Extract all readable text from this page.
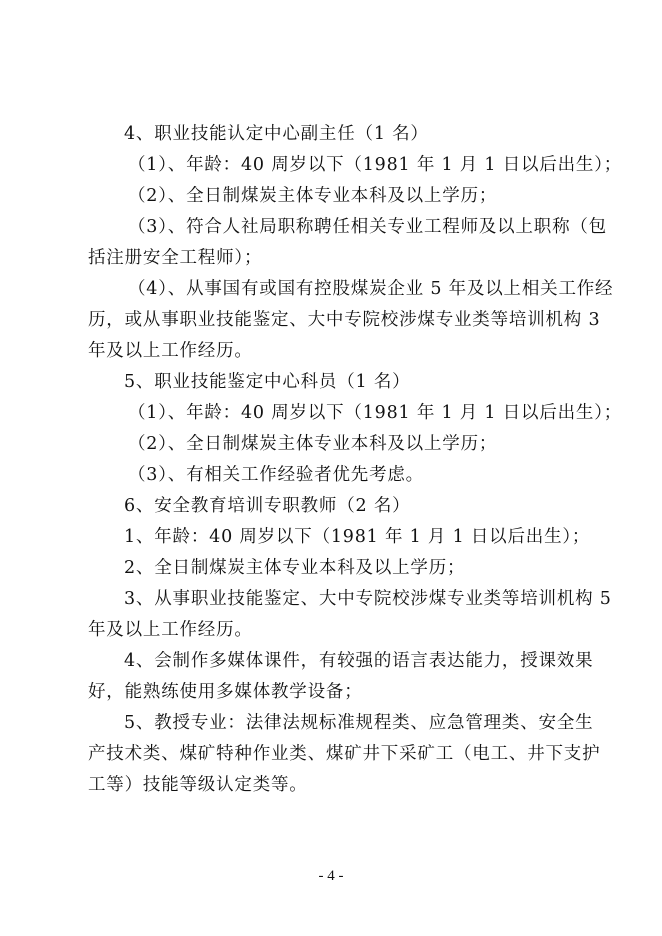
4、职业技能认定中心副主任（1 名）

（1）、年龄：40 周岁以下（1981 年 1 月 1 日以后出生）；

（2）、全日制煤炭主体专业本科及以上学历；

（3）、符合人社局职称聘任相关专业工程师及以上职称（包

括注册安全工程师）；

（4）、从事国有或国有控股煤炭企业 5 年及以上相关工作经

历，或从事职业技能鉴定、大中专院校涉煤专业类等培训机构 3

年及以上工作经历。

5、职业技能鉴定中心科员（1 名）

（1）、年龄：40 周岁以下（1981 年 1 月 1 日以后出生）；

（2）、全日制煤炭主体专业本科及以上学历；

（3）、有相关工作经验者优先考虑。

6、安全教育培训专职教师（2 名）

1、年龄：40 周岁以下（1981 年 1 月 1 日以后出生）；

2、全日制煤炭主体专业本科及以上学历；

3、从事职业技能鉴定、大中专院校涉煤专业类等培训机构 5

年及以上工作经历。

4、会制作多媒体课件，有较强的语言表达能力，授课效果

好，能熟练使用多媒体教学设备；

5、教授专业：法律法规标准规程类、应急管理类、安全生

产技术类、煤矿特种作业类、煤矿井下采矿工（电工、井下支护

工等）技能等级认定类等。

- 4 -
